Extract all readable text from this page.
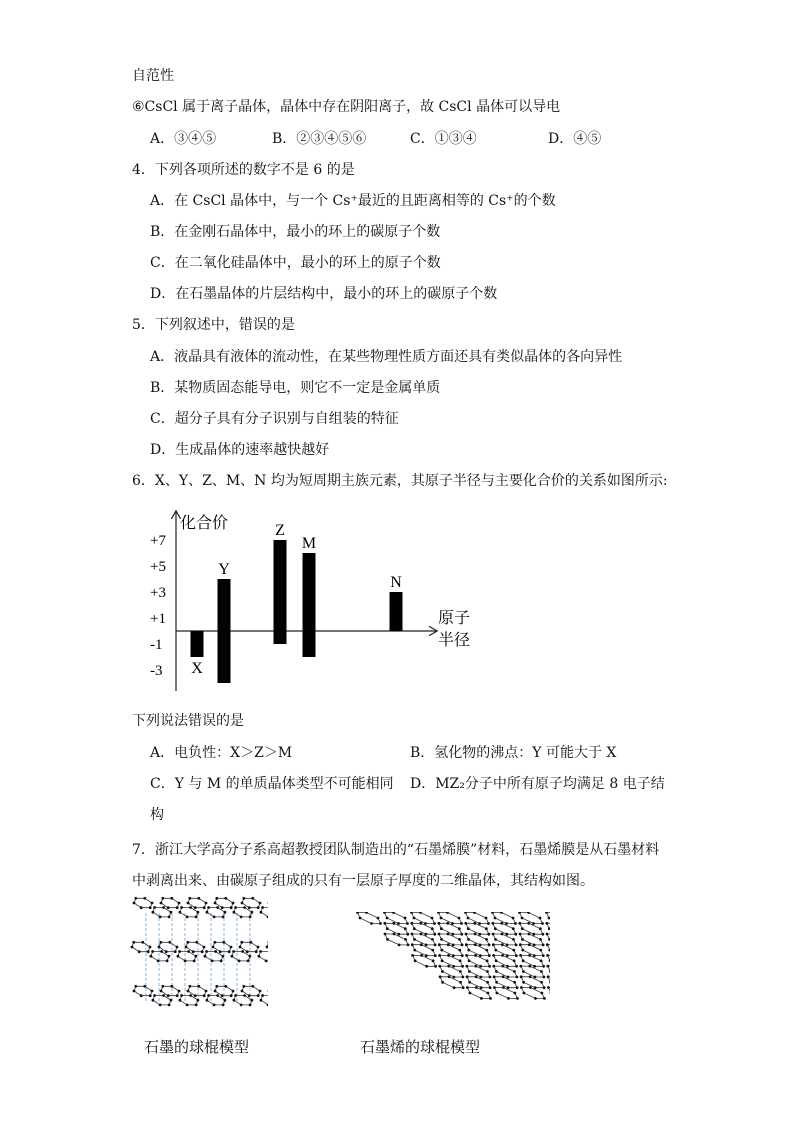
自范性
⑥CsCl 属于离子晶体，晶体中存在阴阳离子，故 CsCl 晶体可以导电
A．③④⑤	B．②③④⑤⑥	C．①③④	D．④⑤
4．下列各项所述的数字不是 6 的是
A．在 CsCl 晶体中，与一个 Cs⁺最近的且距离相等的 Cs⁺的个数
B．在金刚石晶体中，最小的环上的碳原子个数
C．在二氧化硅晶体中，最小的环上的原子个数
D．在石墨晶体的片层结构中，最小的环上的碳原子个数
5．下列叙述中，错误的是
A．液晶具有液体的流动性，在某些物理性质方面还具有类似晶体的各向异性
B．某物质固态能导电，则它不一定是金属单质
C．超分子具有分子识别与自组装的特征
D．生成晶体的速率越快越好
6．X、Y、Z、M、N 均为短周期主族元素，其原子半径与主要化合价的关系如图所示:
化合价
原子
半径
+7
+5
+3
+1
-1
-3 X
Y
Z
M
N
下列说法错误的是
A．电负性：X＞Z＞M	B．氢化物的沸点：Y 可能大于 X
C．Y 与 M 的单质晶体类型不可能相同 D．MZ₂分子中所有原子均满足 8 电子结
构
7．浙江大学高分子系高超教授团队制造出的“石墨烯膜”材料，石墨烯膜是从石墨材料
中剥离出来、由碳原子组成的只有一层原子厚度的二维晶体，其结构如图。
石墨的球棍模型	石墨烯的球棍模型
